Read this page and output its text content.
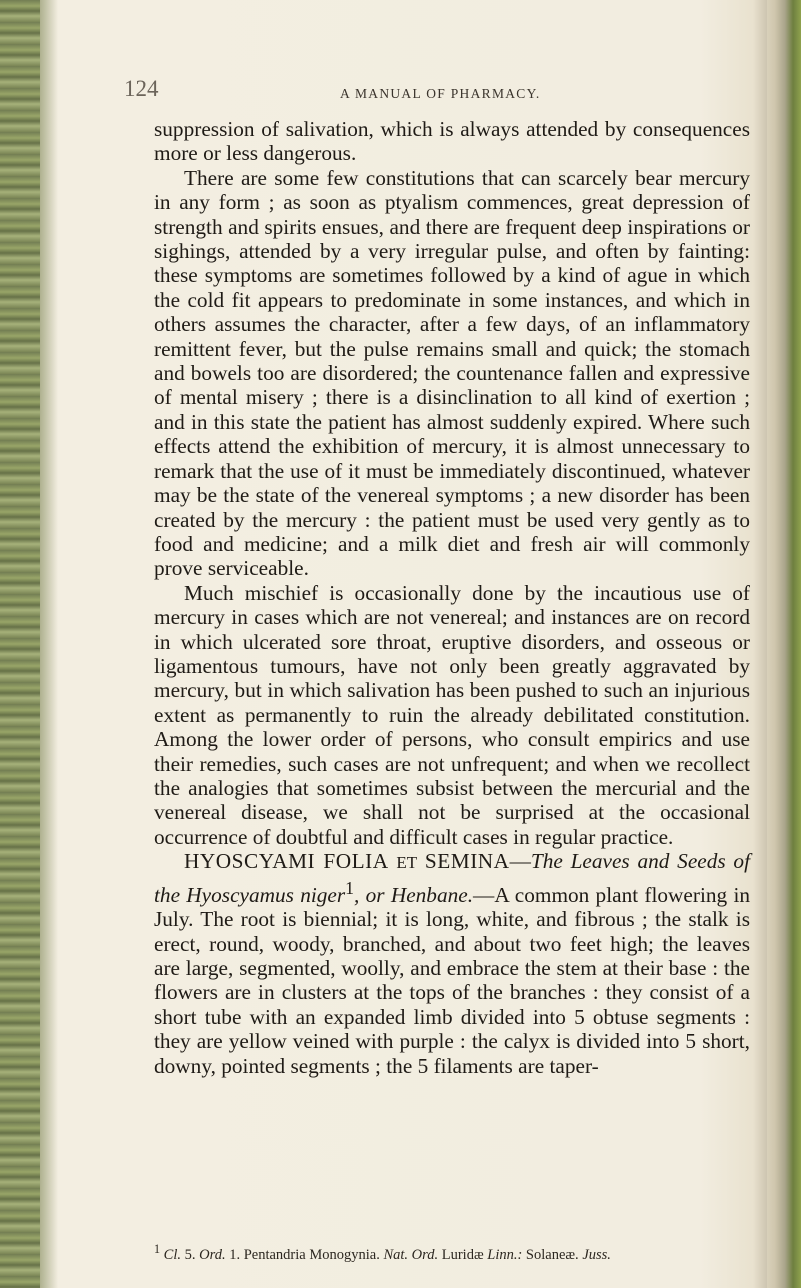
124	A MANUAL OF PHARMACY.

suppression of salivation, which is always attended by consequences more or less dangerous.

There are some few constitutions that can scarcely bear mercury in any form ; as soon as ptyalism commences, great depression of strength and spirits ensues, and there are frequent deep inspirations or sighings, attended by a very irregular pulse, and often by fainting: these symptoms are sometimes followed by a kind of ague in which the cold fit appears to predominate in some instances, and which in others assumes the character, after a few days, of an inflammatory remittent fever, but the pulse remains small and quick; the stomach and bowels too are disordered; the countenance fallen and expressive of mental misery ; there is a disinclination to all kind of exertion ; and in this state the patient has almost suddenly expired. Where such effects attend the exhibition of mercury, it is almost unnecessary to remark that the use of it must be immediately discontinued, whatever may be the state of the venereal symptoms ; a new disorder has been created by the mercury : the patient must be used very gently as to food and medicine; and a milk diet and fresh air will commonly prove serviceable.

Much mischief is occasionally done by the incautious use of mercury in cases which are not venereal; and instances are on record in which ulcerated sore throat, eruptive disorders, and osseous or ligamentous tumours, have not only been greatly aggravated by mercury, but in which salivation has been pushed to such an injurious extent as permanently to ruin the already debilitated constitution. Among the lower order of persons, who consult empirics and use their remedies, such cases are not unfrequent; and when we recollect the analogies that sometimes subsist between the mercurial and the venereal disease, we shall not be surprised at the occasional occurrence of doubtful and difficult cases in regular practice.

HYOSCYAMI FOLIA ET SEMINA—The Leaves and Seeds of the Hyoscyamus niger$^1$, or Henbane.—A common plant flowering in July. The root is biennial; it is long, white, and fibrous ; the stalk is erect, round, woody, branched, and about two feet high; the leaves are large, segmented, woolly, and embrace the stem at their base : the flowers are in clusters at the tops of the branches : they consist of a short tube with an expanded limb divided into 5 obtuse segments : they are yellow veined with purple : the calyx is divided into 5 short, downy, pointed segments ; the 5 filaments are taper-

$^1$ Cl. 5. Ord. 1. Pentandria Monogynia. Nat. Ord. Luridæ Linn.: Solaneæ. Juss.
